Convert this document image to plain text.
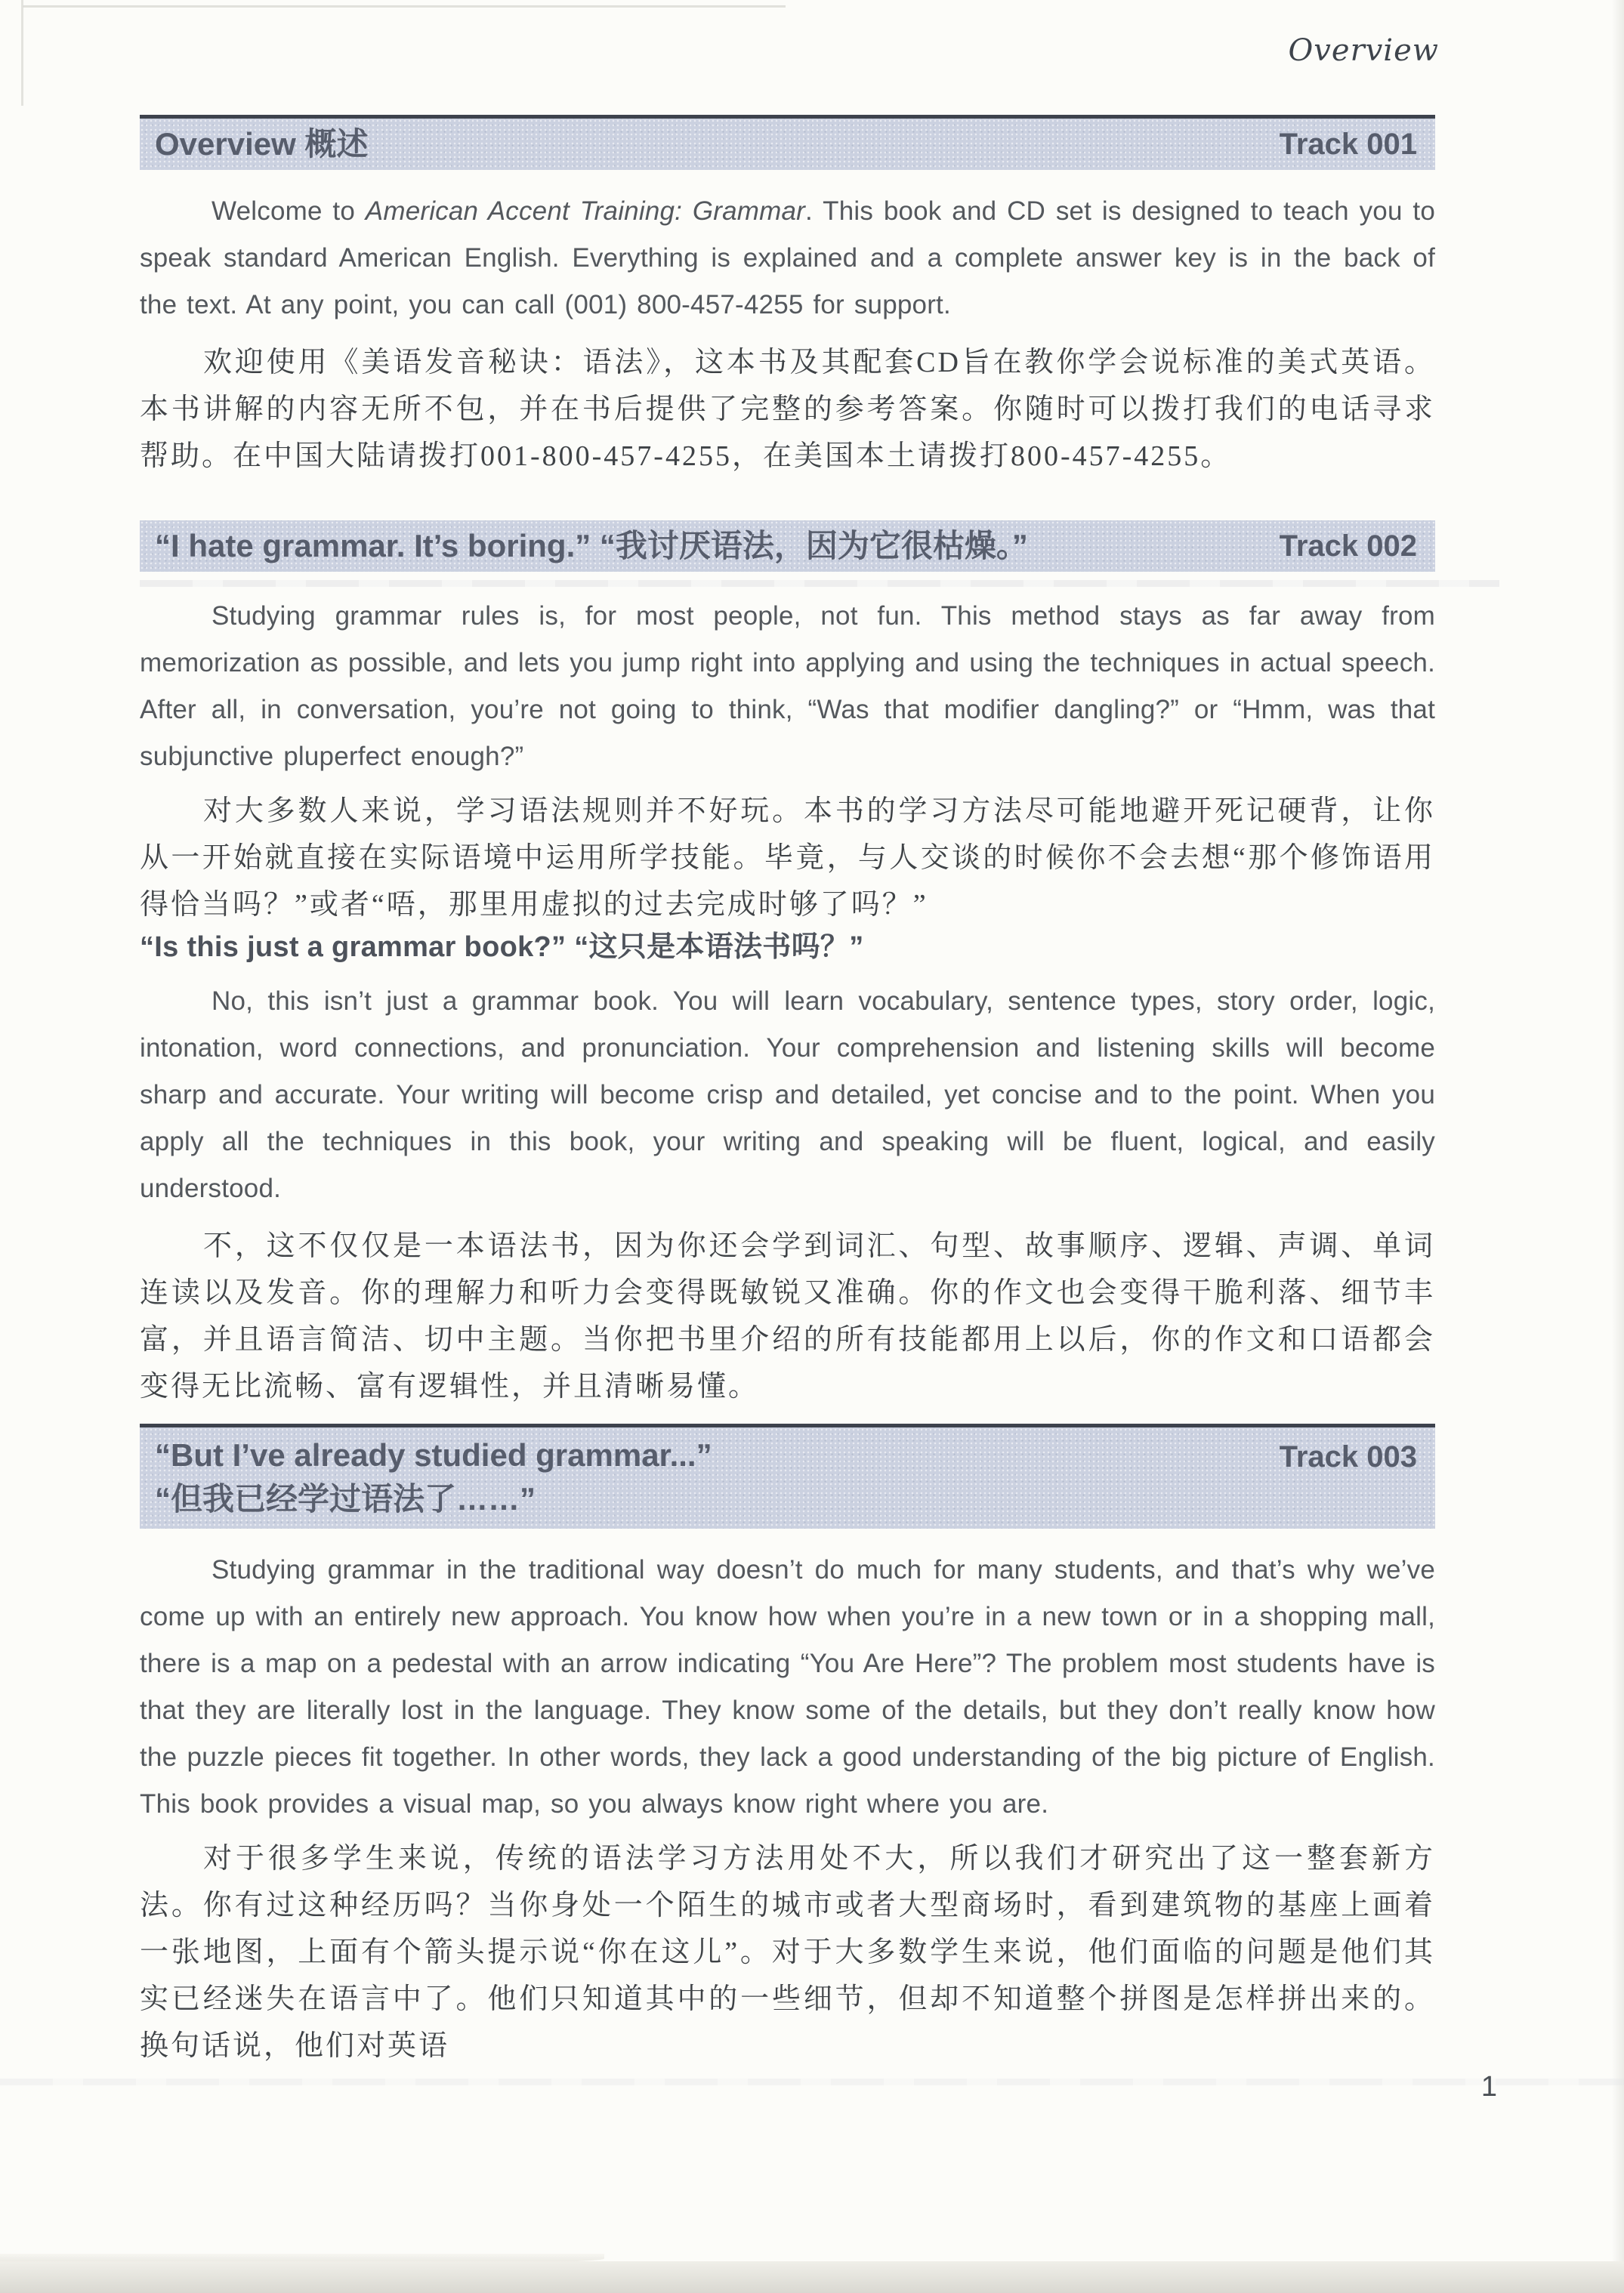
Overview
Overview 概述	Track 001

Welcome to American Accent Training: Grammar. This book and CD set is designed to teach you to speak standard American English. Everything is explained and a complete answer key is in the back of the text. At any point, you can call (001) 800-457-4255 for support.

欢迎使用《美语发音秘诀：语法》，这本书及其配套CD旨在教你学会说标准的美式英语。本书讲解的内容无所不包，并在书后提供了完整的参考答案。你随时可以拨打我们的电话寻求帮助。在中国大陆请拨打001-800-457-4255，在美国本土请拨打800-457-4255。

“I hate grammar. It’s boring.” “我讨厌语法，因为它很枯燥。”	Track 002

Studying grammar rules is, for most people, not fun. This method stays as far away from memorization as possible, and lets you jump right into applying and using the techniques in actual speech. After all, in conversation, you’re not going to think, “Was that modifier dangling?” or “Hmm, was that subjunctive pluperfect enough?”

对大多数人来说，学习语法规则并不好玩。本书的学习方法尽可能地避开死记硬背，让你从一开始就直接在实际语境中运用所学技能。毕竟，与人交谈的时候你不会去想“那个修饰语用得恰当吗？”或者“唔，那里用虚拟的过去完成时够了吗？”

“Is this just a grammar book?” “这只是本语法书吗？”

No, this isn’t just a grammar book. You will learn vocabulary, sentence types, story order, logic, intonation, word connections, and pronunciation. Your comprehension and listening skills will become sharp and accurate. Your writing will become crisp and detailed, yet concise and to the point. When you apply all the techniques in this book, your writing and speaking will be fluent, logical, and easily understood.

不，这不仅仅是一本语法书，因为你还会学到词汇、句型、故事顺序、逻辑、声调、单词连读以及发音。你的理解力和听力会变得既敏锐又准确。你的作文也会变得干脆利落、细节丰富，并且语言简洁、切中主题。当你把书里介绍的所有技能都用上以后，你的作文和口语都会变得无比流畅、富有逻辑性，并且清晰易懂。

“But I’ve already studied grammar...”
“但我已经学过语法了……”
Track 003

Studying grammar in the traditional way doesn’t do much for many students, and that’s why we’ve come up with an entirely new approach. You know how when you’re in a new town or in a shopping mall, there is a map on a pedestal with an arrow indicating “You Are Here”? The problem most students have is that they are literally lost in the language. They know some of the details, but they don’t really know how the puzzle pieces fit together. In other words, they lack a good understanding of the big picture of English. This book provides a visual map, so you always know right where you are.

对于很多学生来说，传统的语法学习方法用处不大，所以我们才研究出了这一整套新方法。你有过这种经历吗？当你身处一个陌生的城市或者大型商场时，看到建筑物的基座上画着一张地图，上面有个箭头提示说“你在这儿”。对于大多数学生来说，他们面临的问题是他们其实已经迷失在语言中了。他们只知道其中的一些细节，但却不知道整个拼图是怎样拼出来的。换句话说，他们对英语

1
